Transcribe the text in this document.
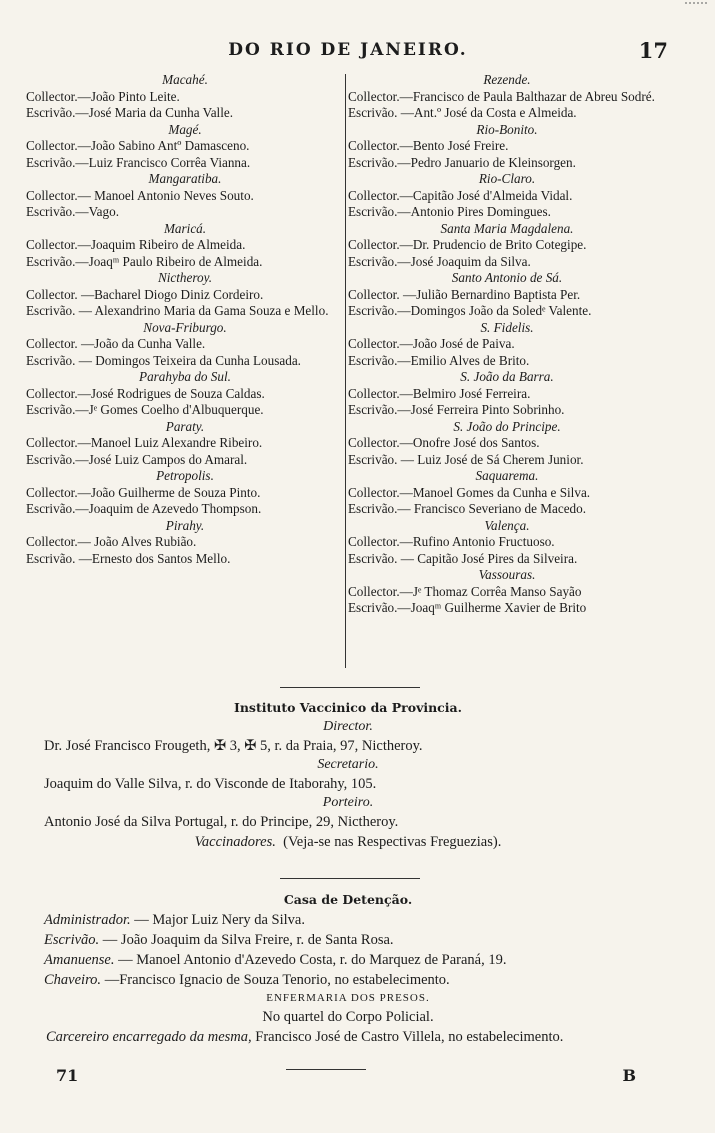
DO RIO DE JANEIRO.	17
Macahé.
Collector.—João Pinto Leite.
Escrivão.—José Maria da Cunha Valle.
Magé.
Collector.—João Sabino Antº Damasceno.
Escrivão.—Luiz Francisco Corrêa Vianna.
Mangaratiba.
Collector.— Manoel Antonio Neves Souto.
Escrivão.—Vago.
Maricá.
Collector.—Joaquim Ribeiro de Almeida.
Escrivão.—Joaqᵐ Paulo Ribeiro de Almeida.
Nictheroy.
Collector. —Bacharel Diogo Diniz Cordeiro.
Escrivão. — Alexandrino Maria da Gama Souza e Mello.
Nova-Friburgo.
Collector. —João da Cunha Valle.
Escrivão. — Domingos Teixeira da Cunha Lousada.
Parahyba do Sul.
Collector.—José Rodrigues de Souza Caldas.
Escrivão.—Jᵉ Gomes Coelho d'Albuquerque.
Paraty.
Collector.—Manoel Luiz Alexandre Ribeiro.
Escrivão.—José Luiz Campos do Amaral.
Petropolis.
Collector.—João Guilherme de Souza Pinto.
Escrivão.—Joaquim de Azevedo Thompson.
Pirahy.
Collector.— João Alves Rubião.
Escrivão. —Ernesto dos Santos Mello.
Rezende.
Collector.—Francisco de Paula Balthazar de Abreu Sodré.
Escrivão. —Ant.º José da Costa e Almeida.
Rio-Bonito.
Collector.—Bento José Freire.
Escrivão.—Pedro Januario de Kleinsorgen.
Rio-Claro.
Collector.—Capitão José d'Almeida Vidal.
Escrivão.—Antonio Pires Domingues.
Santa Maria Magdalena.
Collector.—Dr. Prudencio de Brito Cotegipe.
Escrivão.—José Joaquim da Silva.
Santo Antonio de Sá.
Collector. —Julião Bernardino Baptista Per.
Escrivão.—Domingos João da Soledᵉ Valente.
S. Fidelis.
Collector.—João José de Paiva.
Escrivão.—Emilio Alves de Brito.
S. João da Barra.
Collector.—Belmiro José Ferreira.
Escrivão.—José Ferreira Pinto Sobrinho.
S. João do Principe.
Collector.—Onofre José dos Santos.
Escrivão. — Luiz José de Sá Cherem Junior.
Saquarema.
Collector.—Manoel Gomes da Cunha e Silva.
Escrivão.— Francisco Severiano de Macedo.
Valença.
Collector.—Rufino Antonio Fructuoso.
Escrivão. — Capitão José Pires da Silveira.
Vassouras.
Collector.—Jᵉ Thomaz Corrêa Manso Sayão
Escrivão.—Joaqᵐ Guilherme Xavier de Brito
Instituto Vaccinico da Provincia.
Director.
Dr. José Francisco Frougeth, ✠ 3, ✠ 5, r. da Praia, 97, Nictheroy.
Secretario.
Joaquim do Valle Silva, r. do Visconde de Itaborahy, 105.
Porteiro.
Antonio José da Silva Portugal, r. do Principe, 29, Nictheroy.
Vaccinadores. (Veja-se nas Respectivas Freguezias).
Casa de Detenção.
Administrador. — Major Luiz Nery da Silva.
Escrivão. — João Joaquim da Silva Freire, r. de Santa Rosa.
Amanuense. — Manoel Antonio d'Azevedo Costa, r. do Marquez de Paraná, 19.
Chaveiro. —Francisco Ignacio de Souza Tenorio, no estabelecimento.
ENFERMARIA DOS PRESOS.
No quartel do Corpo Policial.
Carcereiro encarregado da mesma, Francisco José de Castro Villela, no estabelecimento.
71	B
